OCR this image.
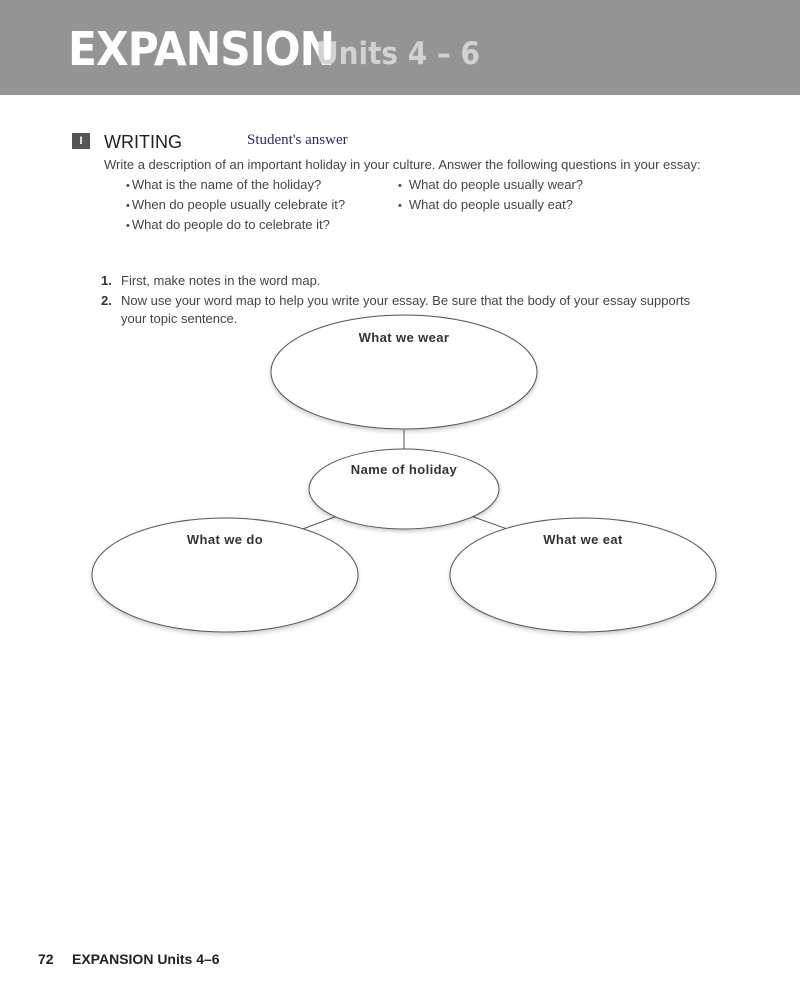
EXPANSION
Units 4 – 6
I	WRITING	Student's answer
Write a description of an important holiday in your culture. Answer the following questions in your essay:
• What is the name of the holiday?
• When do people usually celebrate it?
• What do people do to celebrate it?
• What do people usually wear?
• What do people usually eat?
1. First, make notes in the word map.
2. Now use your word map to help you write your essay. Be sure that the body of your essay supports
your topic sentence.
What we wear
Name of holiday
What we do	What we eat
72 EXPANSION Units 4–6
